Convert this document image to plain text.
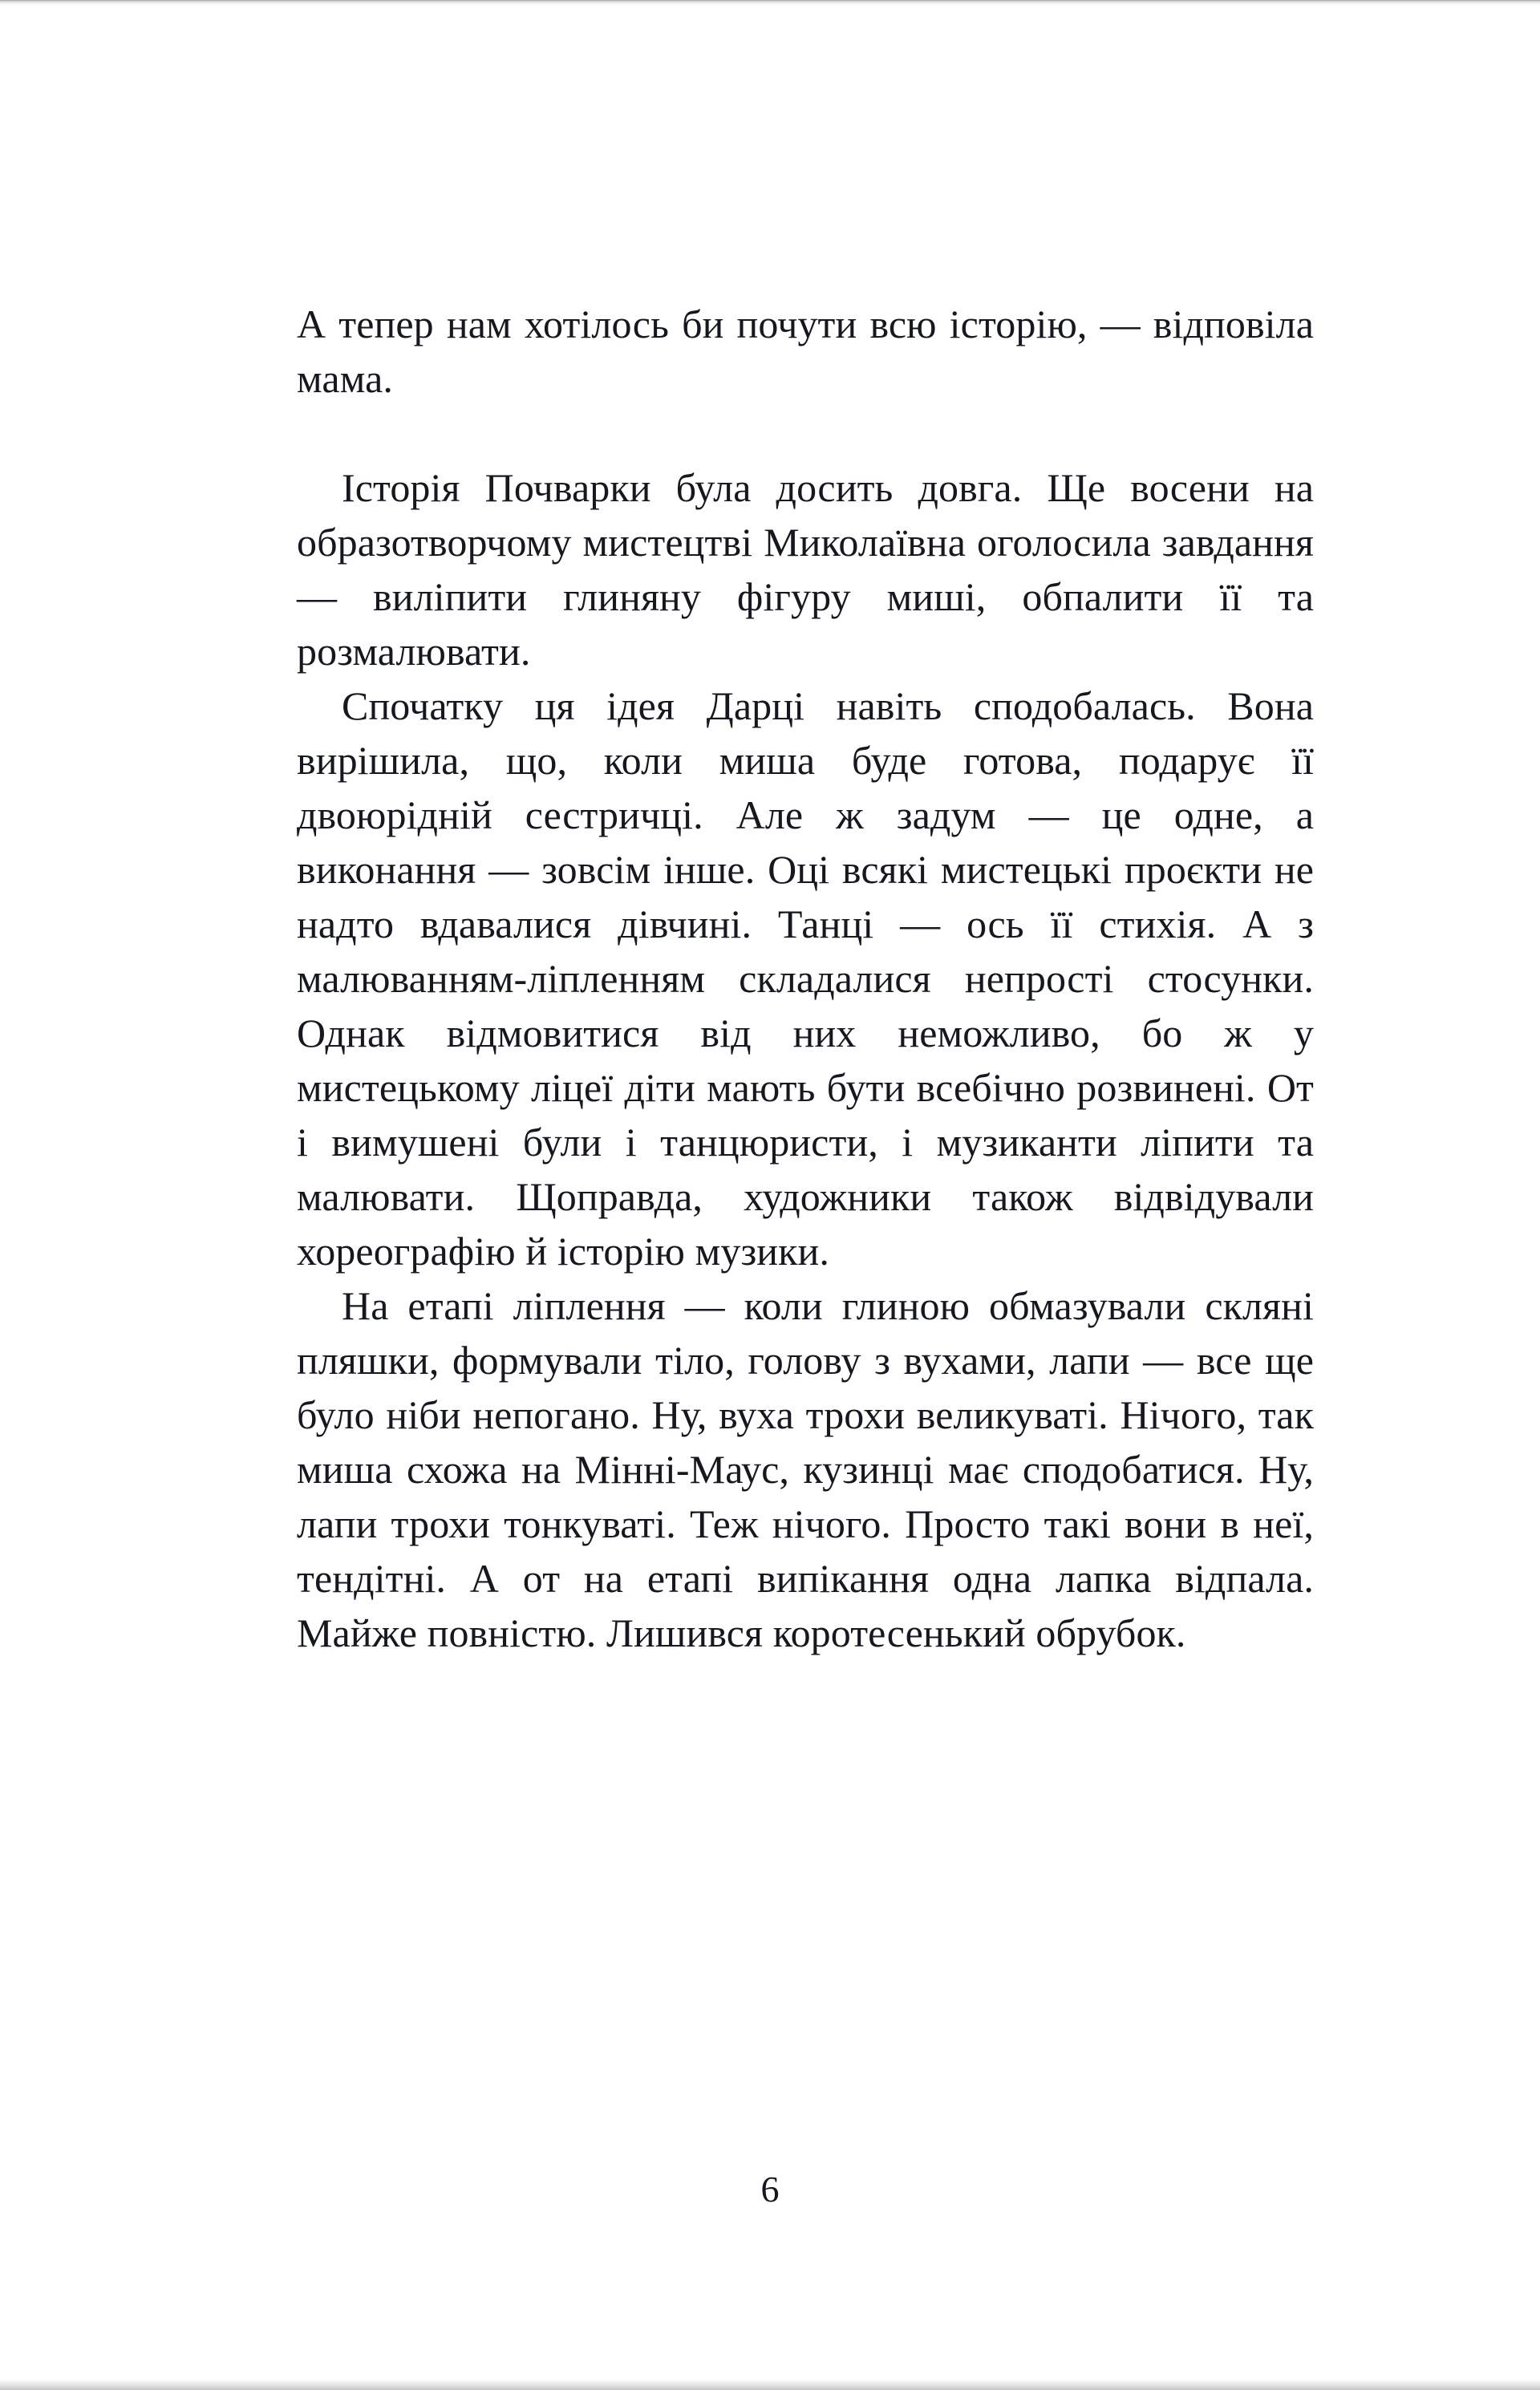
А тепер нам хотілось би почути всю історію, — відповіла мама.

Історія Почварки була досить довга. Ще восени на образотворчому мистецтві Миколаївна оголосила завдання — виліпити глиняну фігуру миші, обпалити її та розмалювати.

Спочатку ця ідея Дарці навіть сподобалась. Вона вирішила, що, коли миша буде готова, подарує її двоюрідній сестричці. Але ж задум — це одне, а виконання — зовсім інше. Оці всякі мистецькі проєкти не надто вдавалися дівчині. Танці — ось її стихія. А з малюванням-ліпленням складалися непрості стосунки. Однак відмовитися від них неможливо, бо ж у мистецькому ліцеї діти мають бути всебічно розвинені. От і вимушені були і танцюристи, і музиканти ліпити та малювати. Щоправда, художники також відвідували хореографію й історію музики.

На етапі ліплення — коли глиною обмазували скляні пляшки, формували тіло, голову з вухами, лапи — все ще було ніби непогано. Ну, вуха трохи великуваті. Нічого, так миша схожа на Мінні-Маус, кузинці має сподобатися. Ну, лапи трохи тонкуваті. Теж нічого. Просто такі вони в неї, тендітні. А от на етапі випікання одна лапка відпала. Майже повністю. Лишився коротесенький обрубок.

6
